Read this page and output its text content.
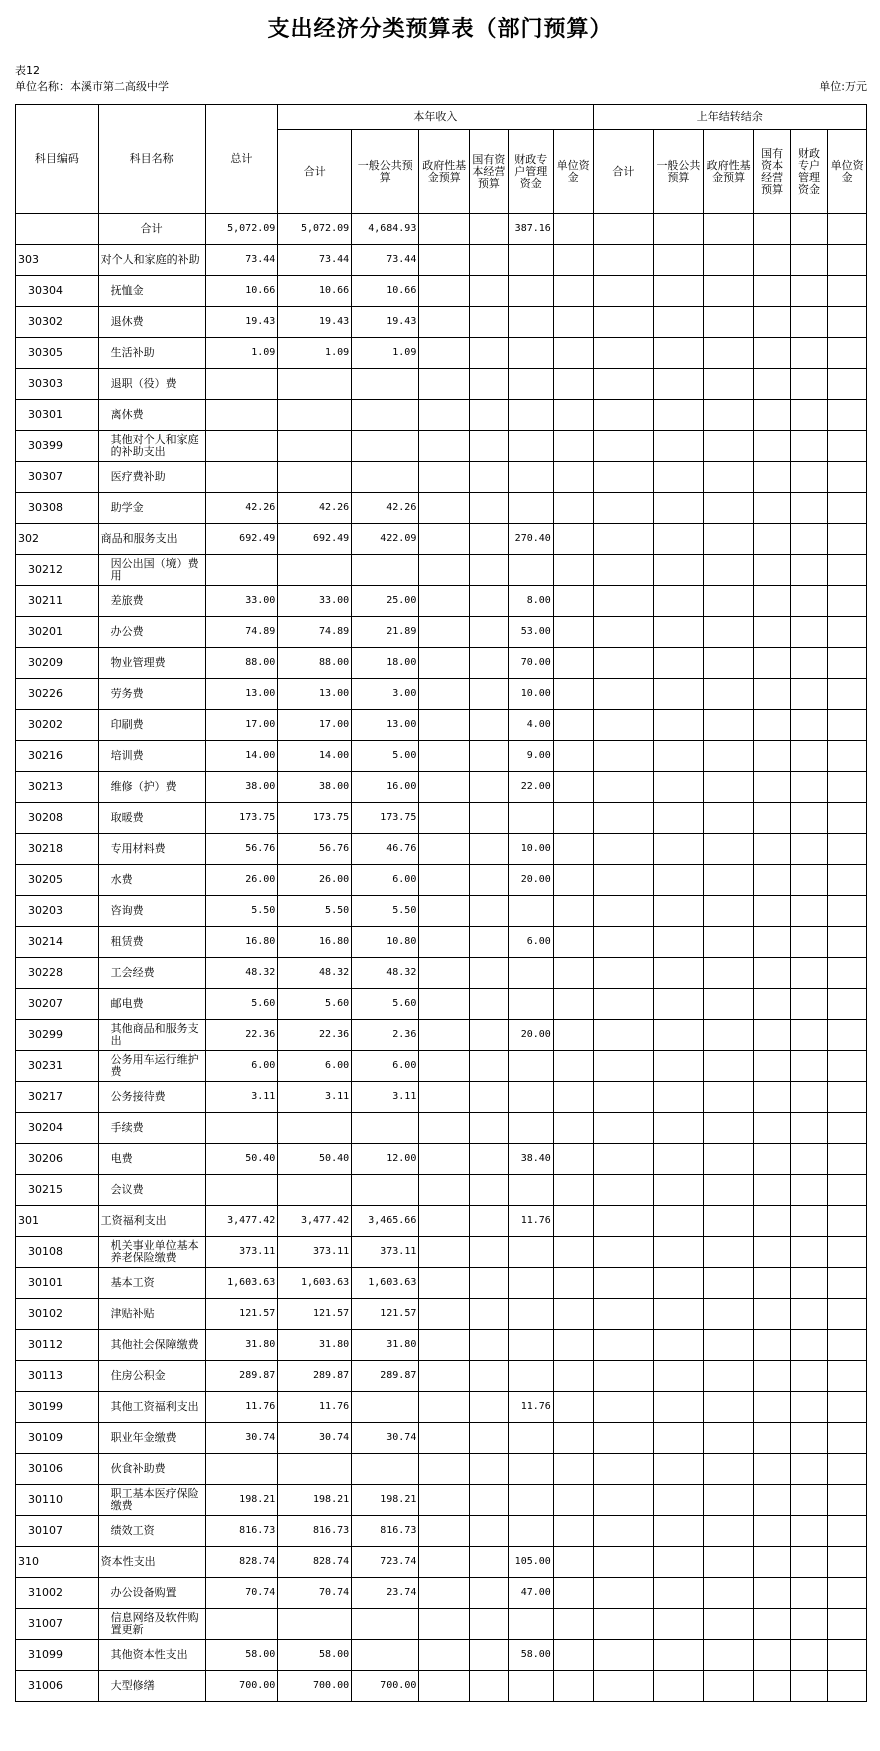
支出经济分类预算表（部门预算）
表12
单位名称：本溪市第二高级中学	单位:万元
科目编码	科目名称	总计	本年收入						上年结转结余					
			合计	一般公共预算	政府性基金预算	国有资本经营预算	财政专户管理资金	单位资金	合计	一般公共预算	政府性基金预算	国有资本经营预算	财政专户管理资金	单位资金
	合计	5,072.09	5,072.09	4,684.93			387.16							
303	对个人和家庭的补助	73.44	73.44	73.44										
30304	抚恤金	10.66	10.66	10.66										
30302	退休费	19.43	19.43	19.43										
30305	生活补助	1.09	1.09	1.09										
30303	退职（役）费													
30301	离休费													
30399	其他对个人和家庭的补助支出													
30307	医疗费补助													
30308	助学金	42.26	42.26	42.26										
302	商品和服务支出	692.49	692.49	422.09			270.40							
30212	因公出国（境）费用													
30211	差旅费	33.00	33.00	25.00			8.00							
30201	办公费	74.89	74.89	21.89			53.00							
30209	物业管理费	88.00	88.00	18.00			70.00							
30226	劳务费	13.00	13.00	3.00			10.00							
30202	印刷费	17.00	17.00	13.00			4.00							
30216	培训费	14.00	14.00	5.00			9.00							
30213	维修（护）费	38.00	38.00	16.00			22.00							
30208	取暖费	173.75	173.75	173.75										
30218	专用材料费	56.76	56.76	46.76			10.00							
30205	水费	26.00	26.00	6.00			20.00							
30203	咨询费	5.50	5.50	5.50										
30214	租赁费	16.80	16.80	10.80			6.00							
30228	工会经费	48.32	48.32	48.32										
30207	邮电费	5.60	5.60	5.60										
30299	其他商品和服务支出	22.36	22.36	2.36			20.00							
30231	公务用车运行维护费	6.00	6.00	6.00										
30217	公务接待费	3.11	3.11	3.11										
30204	手续费													
30206	电费	50.40	50.40	12.00			38.40							
30215	会议费													
301	工资福利支出	3,477.42	3,477.42	3,465.66			11.76							
30108	机关事业单位基本养老保险缴费	373.11	373.11	373.11										
30101	基本工资	1,603.63	1,603.63	1,603.63										
30102	津贴补贴	121.57	121.57	121.57										
30112	其他社会保障缴费	31.80	31.80	31.80										
30113	住房公积金	289.87	289.87	289.87										
30199	其他工资福利支出	11.76	11.76				11.76							
30109	职业年金缴费	30.74	30.74	30.74										
30106	伙食补助费													
30110	职工基本医疗保险缴费	198.21	198.21	198.21										
30107	绩效工资	816.73	816.73	816.73										
310	资本性支出	828.74	828.74	723.74			105.00							
31002	办公设备购置	70.74	70.74	23.74			47.00							
31007	信息网络及软件购置更新													
31099	其他资本性支出	58.00	58.00				58.00							
31006	大型修缮	700.00	700.00	700.00										
